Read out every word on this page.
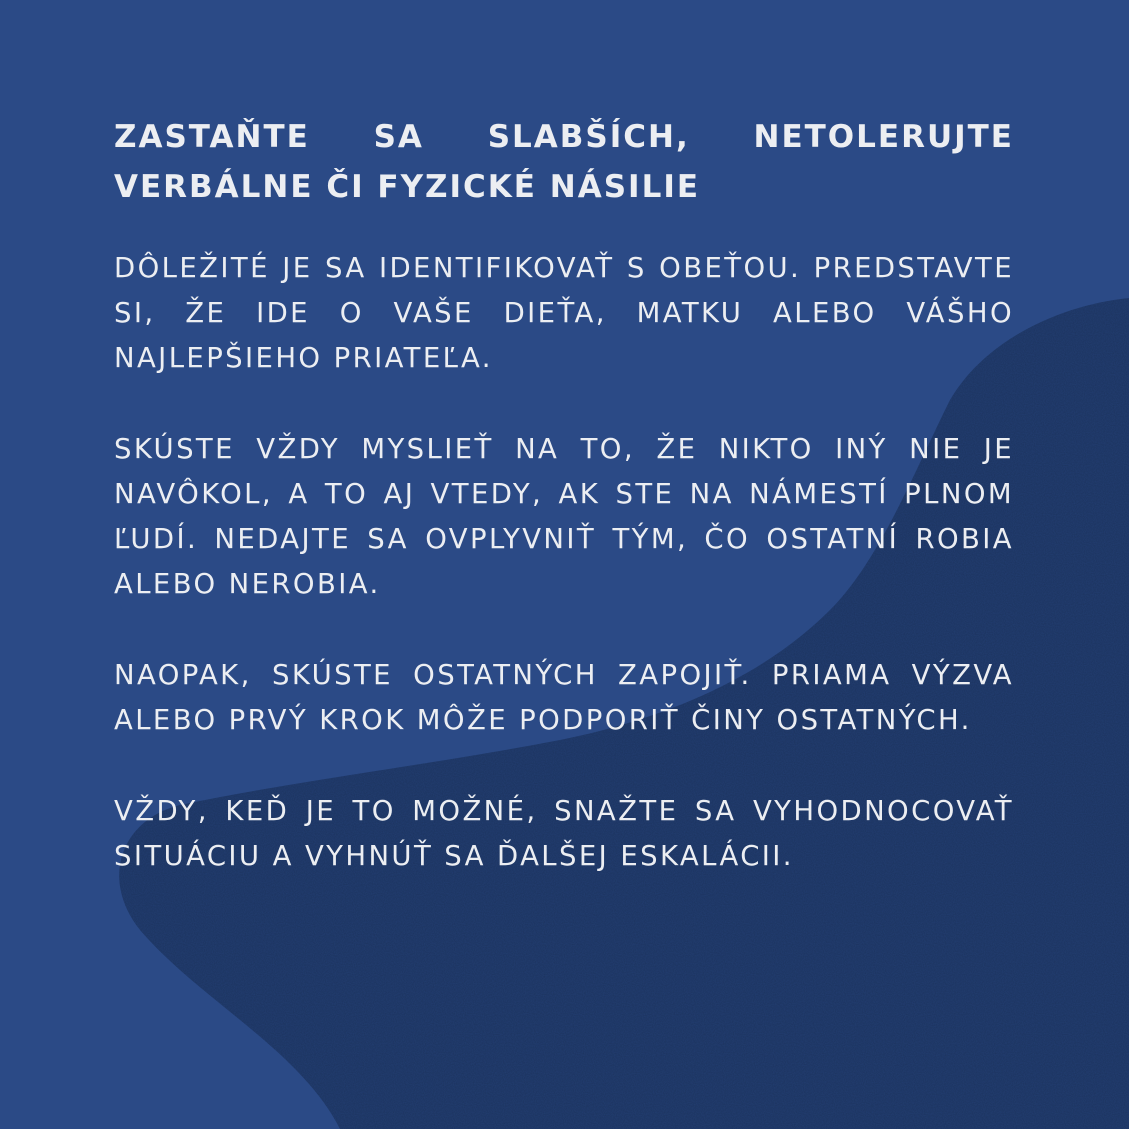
ZASTAŇTE SA SLABŠÍCH, NETOLERUJTE VERBÁLNE ČI FYZICKÉ NÁSILIE

DÔLEŽITÉ JE SA IDENTIFIKOVAŤ S OBEŤOU. PREDSTAVTE SI, ŽE IDE O VAŠE DIEŤA, MATKU ALEBO VÁŠHO NAJLEPŠIEHO PRIATEĽA.

SKÚSTE VŽDY MYSLIEŤ NA TO, ŽE NIKTO INÝ NIE JE NAVÔKOL, A TO AJ VTEDY, AK STE NA NÁMESTÍ PLNOM ĽUDÍ. NEDAJTE SA OVPLYVNIŤ TÝM, ČO OSTATNÍ ROBIA ALEBO NEROBIA.

NAOPAK, SKÚSTE OSTATNÝCH ZAPOJIŤ. PRIAMA VÝZVA ALEBO PRVÝ KROK MÔŽE PODPORIŤ ČINY OSTATNÝCH.

VŽDY, KEĎ JE TO MOŽNÉ, SNAŽTE SA VYHODNOCOVAŤ SITUÁCIU A VYHNÚŤ SA ĎALŠEJ ESKALÁCII.
